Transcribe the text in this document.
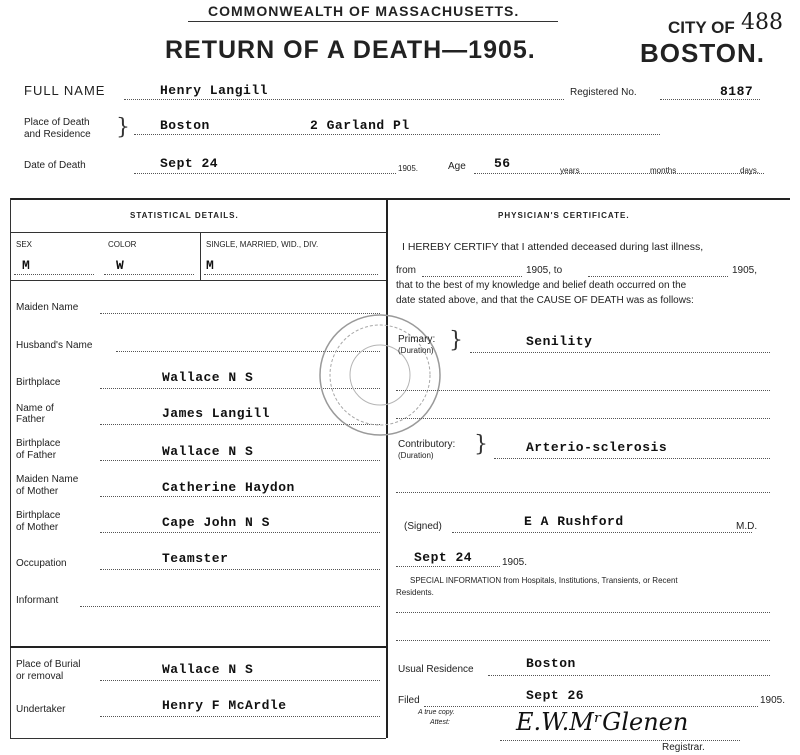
COMMONWEALTH OF MASSACHUSETTS.
RETURN OF A DEATH—1905.
CITY OF 488
BOSTON.
FULL NAME	Henry Langill	Registered No.	8187
Place of Death
and Residence } Boston	2 Garland Pl
Date of Death	Sept 24	1905.	Age 56	years	months	days.
STATISTICAL DETAILS.
SEX
M
COLOR
W
SINGLE, MARRIED, WID., DIV.
M
Maiden Name
Husband's Name
Birthplace	Wallace N S
Name of
Father	James Langill
Birthplace
of Father	Wallace N S
Maiden Name
of Mother	Catherine Haydon
Birthplace
of Mother	Cape John N S
Occupation	Teamster
Informant
Place of Burial
or removal	Wallace N S
Undertaker	Henry F McArdle
PHYSICIAN'S CERTIFICATE.
I HEREBY CERTIFY that I attended deceased during last illness,
from	1905, to	1905,
that to the best of my knowledge and belief death occurred on the
date stated above, and that the CAUSE OF DEATH was as follows:
Primary:
(Duration) }	Senility
Contributory:
(Duration) }	Arterio-sclerosis
(Signed)	E A Rushford	M.D.
Sept 24	1905.
SPECIAL INFORMATION from Hospitals, Institutions, Transients, or Recent
Residents.
Usual Residence	Boston
Filed	Sept 26	1905.
A true copy.
Attest:	E.W.MʳGlenen
Registrar.
